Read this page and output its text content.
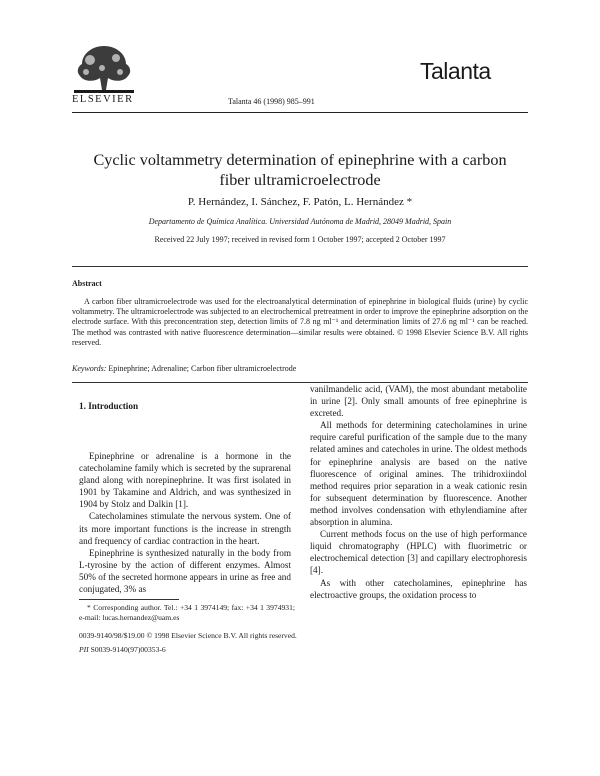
ELSEVIER	Talanta 46 (1998) 985–991
Talanta
Cyclic voltammetry determination of epinephrine with a carbon
fiber ultramicroelectrode
P. Hernández, I. Sánchez, F. Patón, L. Hernández *
Departamento de Química Analítica. Universidad Autónoma de Madrid, 28049 Madrid, Spain
Received 22 July 1997; received in revised form 1 October 1997; accepted 2 October 1997
Abstract
A carbon fiber ultramicroelectrode was used for the electroanalytical determination of epinephrine in biological fluids (urine) by cyclic voltammetry. The ultramicroelectrode was subjected to an electrochemical pretreatment in order to improve the epinephrine adsorption on the electrode surface. With this preconcentration step, detection limits of 7.8 ng ml⁻¹ and determination limits of 27.6 ng ml⁻¹ can be reached. The method was contrasted with native fluorescence determination—similar results were obtained. © 1998 Elsevier Science B.V. All rights reserved.
Keywords: Epinephrine; Adrenaline; Carbon fiber ultramicroelectrode
1. Introduction

Epinephrine or adrenaline is a hormone in the catecholamine family which is secreted by the suprarenal gland along with norepinephrine. It was first isolated in 1901 by Takamine and Aldrich, and was synthesized in 1904 by Stolz and Dalkin [1].

Catecholamines stimulate the nervous system. One of its more important functions is the increase in strength and frequency of cardiac contraction in the heart.

Epinephrine is synthesized naturally in the body from L-tyrosine by the action of different enzymes. Almost 50% of the secreted hormone appears in urine as free and conjugated, 3% as

vanilmandelic acid, (VAM), the most abundant metabolite in urine [2]. Only small amounts of free epinephrine is excreted.

All methods for determining catecholamines in urine require careful purification of the sample due to the many related amines and catecholes in urine. The oldest methods for epinephrine analysis are based on the native fluorescence of original amines. The trihidroxiindol method requires prior separation in a weak cationic resin for subsequent determination by fluorescence. Another method involves condensation with ethylendiamine after absorption in alumina.

Current methods focus on the use of high performance liquid chromatography (HPLC) with fluorimetric or electrochemical detection [3] and capillary electrophoresis [4].

As with other catecholamines, epinephrine has electroactive groups, the oxidation process to

* Corresponding author. Tel.: +34 1 3974149; fax: +34 1 3974931; e-mail: lucas.hernandez@uam.es

0039-9140/98/$19.00 © 1998 Elsevier Science B.V. All rights reserved.
PII S0039-9140(97)00353-6
